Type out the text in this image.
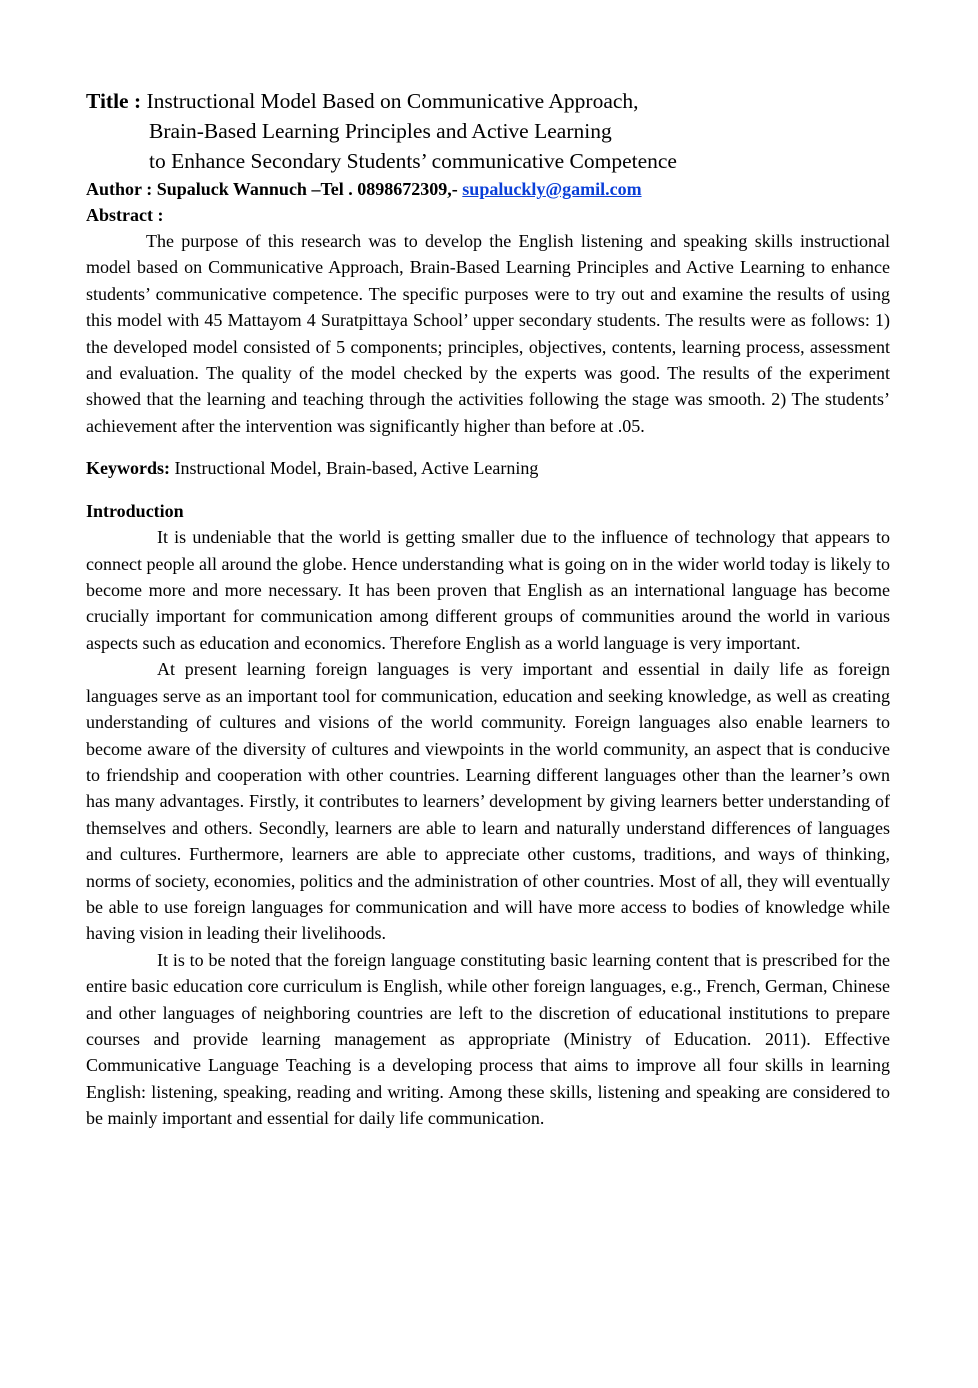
Title : Instructional Model Based on Communicative Approach,
Brain-Based Learning Principles and Active Learning
to Enhance Secondary Students’ communicative Competence
Author : Supaluck Wannuch –Tel . 0898672309,- supaluckly@gamil.com
Abstract :

The purpose of this research was to develop the English listening and speaking skills instructional model based on Communicative Approach, Brain-Based Learning Principles and Active Learning to enhance students’ communicative competence. The specific purposes were to try out and examine the results of using this model with 45 Mattayom 4 Suratpittaya School’ upper secondary students. The results were as follows: 1) the developed model consisted of 5 components; principles, objectives, contents, learning process, assessment and evaluation. The quality of the model checked by the experts was good. The results of the experiment showed that the learning and teaching through the activities following the stage was smooth. 2) The students’ achievement after the intervention was significantly higher than before at .05.

Keywords: Instructional Model, Brain-based, Active Learning
Introduction

It is undeniable that the world is getting smaller due to the influence of technology that appears to connect people all around the globe. Hence understanding what is going on in the wider world today is likely to become more and more necessary. It has been proven that English as an international language has become crucially important for communication among different groups of communities around the world in various aspects such as education and economics. Therefore English as a world language is very important.

At present learning foreign languages is very important and essential in daily life as foreign languages serve as an important tool for communication, education and seeking knowledge, as well as creating understanding of cultures and visions of the world community. Foreign languages also enable learners to become aware of the diversity of cultures and viewpoints in the world community, an aspect that is conducive to friendship and cooperation with other countries. Learning different languages other than the learner’s own has many advantages. Firstly, it contributes to learners’ development by giving learners better understanding of themselves and others. Secondly, learners are able to learn and naturally understand differences of languages and cultures. Furthermore, learners are able to appreciate other customs, traditions, and ways of thinking, norms of society, economies, politics and the administration of other countries. Most of all, they will eventually be able to use foreign languages for communication and will have more access to bodies of knowledge while having vision in leading their livelihoods.

It is to be noted that the foreign language constituting basic learning content that is prescribed for the entire basic education core curriculum is English, while other foreign languages, e.g., French, German, Chinese and other languages of neighboring countries are left to the discretion of educational institutions to prepare courses and provide learning management as appropriate (Ministry of Education. 2011). Effective Communicative Language Teaching is a developing process that aims to improve all four skills in learning English: listening, speaking, reading and writing. Among these skills, listening and speaking are considered to be mainly important and essential for daily life communication.
